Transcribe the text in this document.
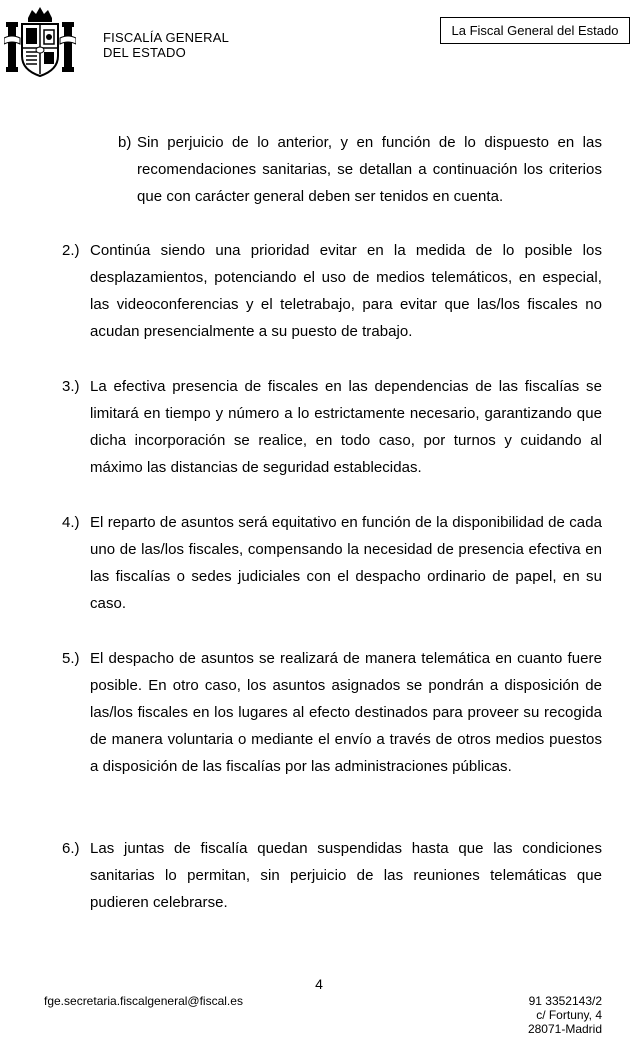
FISCALÍA GENERAL
DEL ESTADO
La Fiscal General del Estado
b) Sin perjuicio de lo anterior, y en función de lo dispuesto en las recomendaciones sanitarias, se detallan a continuación los criterios que con carácter general deben ser tenidos en cuenta.
2.) Continúa siendo una prioridad evitar en la medida de lo posible los desplazamientos, potenciando el uso de medios telemáticos, en especial, las videoconferencias y el teletrabajo, para evitar que las/los fiscales no acudan presencialmente a su puesto de trabajo.
3.) La efectiva presencia de fiscales en las dependencias de las fiscalías se limitará en tiempo y número a lo estrictamente necesario, garantizando que dicha incorporación se realice, en todo caso, por turnos y cuidando al máximo las distancias de seguridad establecidas.
4.) El reparto de asuntos será equitativo en función de la disponibilidad de cada uno de las/los fiscales, compensando la necesidad de presencia efectiva en las fiscalías o sedes judiciales con el despacho ordinario de papel, en su caso.
5.) El despacho de asuntos se realizará de manera telemática en cuanto fuere posible. En otro caso, los asuntos asignados se pondrán a disposición de las/los fiscales en los lugares al efecto destinados para proveer su recogida de manera voluntaria o mediante el envío a través de otros medios puestos a disposición de las fiscalías por las administraciones públicas.
6.) Las juntas de fiscalía quedan suspendidas hasta que las condiciones sanitarias lo permitan, sin perjuicio de las reuniones telemáticas que pudieren celebrarse.
4
fge.secretaria.fiscalgeneral@fiscal.es	91 3352143/2
c/ Fortuny, 4
28071-Madrid
